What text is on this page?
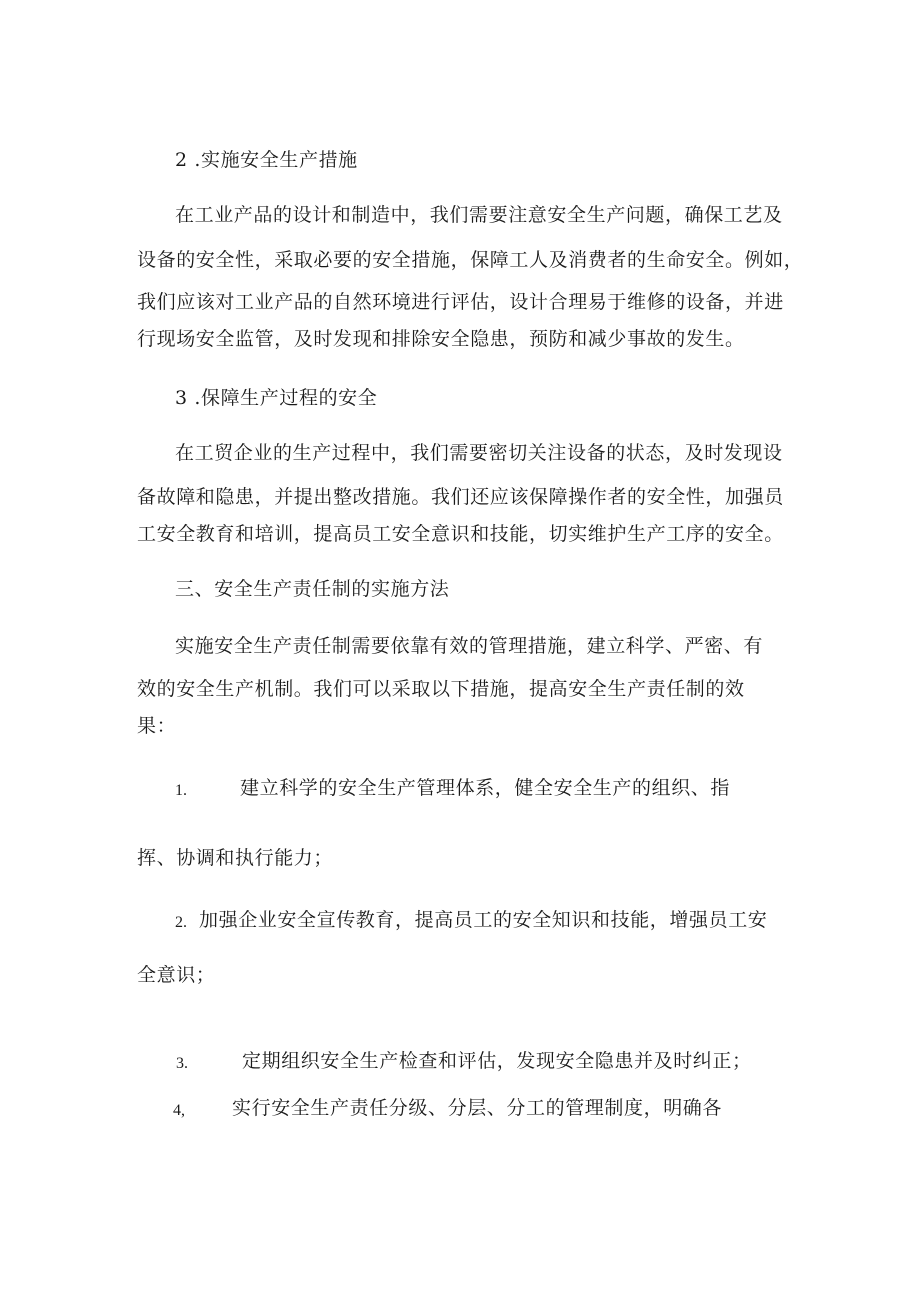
2 .实施安全生产措施
在工业产品的设计和制造中，我们需要注意安全生产问题，确保工艺及
设备的安全性，采取必要的安全措施，保障工人及消费者的生命安全。例如，
我们应该对工业产品的自然环境进行评估，设计合理易于维修的设备，并进
行现场安全监管，及时发现和排除安全隐患，预防和减少事故的发生。
3 .保障生产过程的安全
在工贸企业的生产过程中，我们需要密切关注设备的状态，及时发现设
备故障和隐患，并提出整改措施。我们还应该保障操作者的安全性，加强员
工安全教育和培训，提高员工安全意识和技能，切实维护生产工序的安全。
三、安全生产责任制的实施方法
实施安全生产责任制需要依靠有效的管理措施，建立科学、严密、有
效的安全生产机制。我们可以采取以下措施，提高安全生产责任制的效
果：
1.	建立科学的安全生产管理体系，健全安全生产的组织、指
挥、协调和执行能力；
2. 加强企业安全宣传教育，提高员工的安全知识和技能，增强员工安
全意识；
3.	定期组织安全生产检查和评估，发现安全隐患并及时纠正；
4, 实行安全生产责任分级、分层、分工的管理制度，明确各
